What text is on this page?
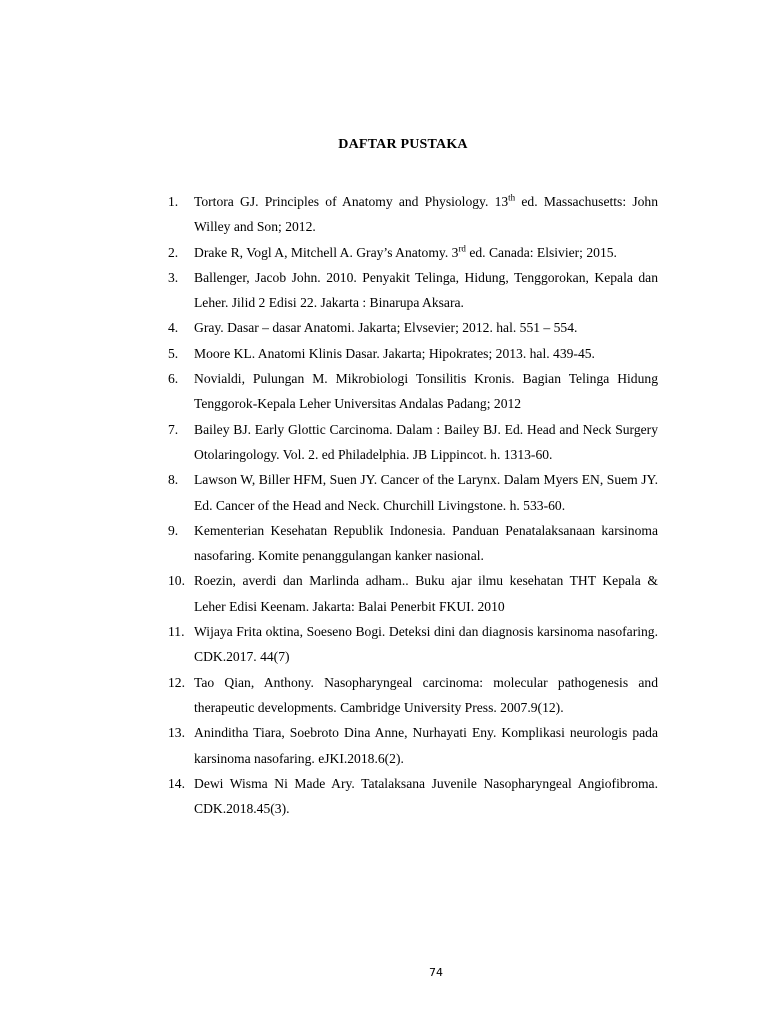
DAFTAR PUSTAKA
1. Tortora GJ. Principles of Anatomy and Physiology. 13th ed. Massachusetts: John Willey and Son; 2012.
2. Drake R, Vogl A, Mitchell A. Gray’s Anatomy. 3rd ed. Canada: Elsivier; 2015.
3. Ballenger, Jacob John. 2010. Penyakit Telinga, Hidung, Tenggorokan, Kepala dan Leher. Jilid 2 Edisi 22. Jakarta : Binarupa Aksara.
4. Gray. Dasar – dasar Anatomi. Jakarta; Elvsevier; 2012. hal. 551 – 554.
5. Moore KL. Anatomi Klinis Dasar. Jakarta; Hipokrates; 2013. hal. 439-45.
6. Novialdi, Pulungan M. Mikrobiologi Tonsilitis Kronis. Bagian Telinga Hidung Tenggorok-Kepala Leher Universitas Andalas Padang; 2012
7. Bailey BJ. Early Glottic Carcinoma. Dalam : Bailey BJ. Ed. Head and Neck Surgery Otolaringology. Vol. 2. ed Philadelphia. JB Lippincot. h. 1313-60.
8. Lawson W, Biller HFM, Suen JY. Cancer of the Larynx. Dalam Myers EN, Suem JY. Ed. Cancer of the Head and Neck. Churchill Livingstone. h. 533-60.
9. Kementerian Kesehatan Republik Indonesia. Panduan Penatalaksanaan karsinoma nasofaring. Komite penanggulangan kanker nasional.
10. Roezin, averdi dan Marlinda adham.. Buku ajar ilmu kesehatan THT Kepala & Leher Edisi Keenam. Jakarta: Balai Penerbit FKUI. 2010
11. Wijaya Frita oktina, Soeseno Bogi. Deteksi dini dan diagnosis karsinoma nasofaring. CDK.2017. 44(7)
12. Tao Qian, Anthony. Nasopharyngeal carcinoma: molecular pathogenesis and therapeutic developments. Cambridge University Press. 2007.9(12).
13. Aninditha Tiara, Soebroto Dina Anne, Nurhayati Eny. Komplikasi neurologis pada karsinoma nasofaring. eJKI.2018.6(2).
14. Dewi Wisma Ni Made Ary. Tatalaksana Juvenile Nasopharyngeal Angiofibroma. CDK.2018.45(3).
74
